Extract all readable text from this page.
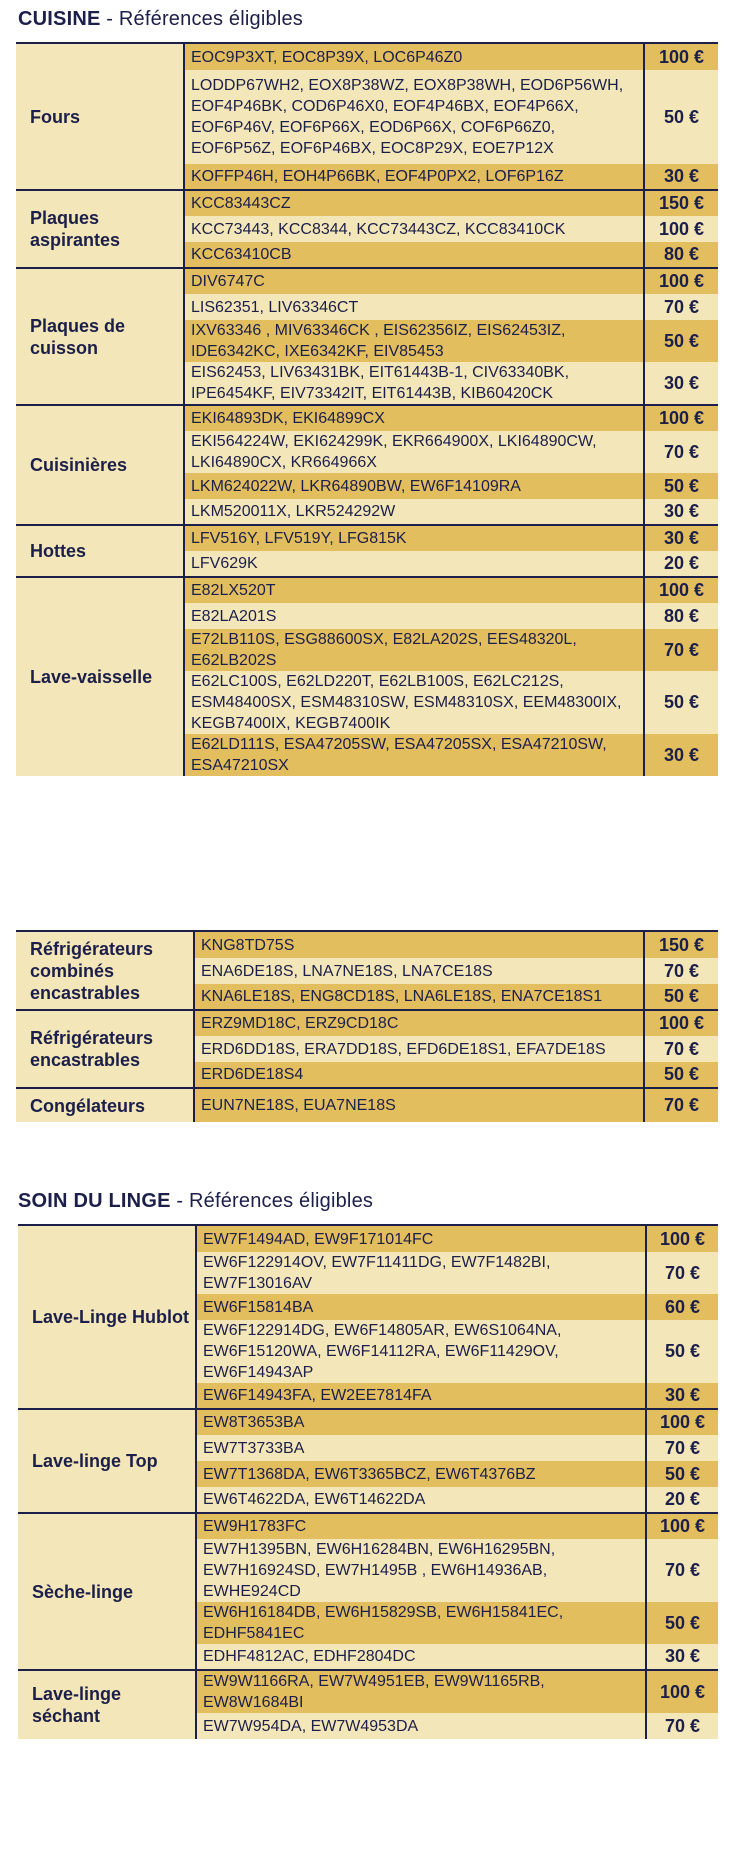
CUISINE - Références éligibles
Fours	EOC9P3XT, EOC8P39X, LOC6P46Z0	100 €
	LODDP67WH2, EOX8P38WZ, EOX8P38WH, EOD6P56WH, EOF4P46BK, COD6P46X0, EOF4P46BX, EOF4P66X, EOF6P46V, EOF6P66X, EOD6P66X, COF6P66Z0, EOF6P56Z, EOF6P46BX, EOC8P29X, EOE7P12X	50 €
	KOFFP46H, EOH4P66BK, EOF4P0PX2, LOF6P16Z	30 €
Plaques aspirantes	KCC83443CZ	150 €
	KCC73443, KCC8344, KCC73443CZ, KCC83410CK	100 €
	KCC63410CB	80 €
Plaques de cuisson	DIV6747C	100 €
	LIS62351, LIV63346CT	70 €
	IXV63346 , MIV63346CK , EIS62356IZ, EIS62453IZ, IDE6342KC, IXE6342KF, EIV85453	50 €
	EIS62453, LIV63431BK, EIT61443B-1, CIV63340BK, IPE6454KF, EIV73342IT, EIT61443B, KIB60420CK	30 €
Cuisinières	EKI64893DK, EKI64899CX	100 €
	EKI564224W, EKI624299K, EKR664900X, LKI64890CW, LKI64890CX, KR664966X	70 €
	LKM624022W, LKR64890BW, EW6F14109RA	50 €
	LKM520011X, LKR524292W	30 €
Hottes	LFV516Y, LFV519Y, LFG815K	30 €
	LFV629K	20 €
Lave-vaisselle	E82LX520T	100 €
	E82LA201S	80 €
	E72LB110S, ESG88600SX, E82LA202S, EES48320L, E62LB202S	70 €
	E62LC100S, E62LD220T, E62LB100S, E62LC212S, ESM48400SX, ESM48310SW, ESM48310SX, EEM48300IX, KEGB7400IX, KEGB7400IK	50 €
	E62LD111S, ESA47205SW, ESA47205SX, ESA47210SW, ESA47210SX	30 €
Réfrigérateurs combinés encastrables	KNG8TD75S	150 €
	ENA6DE18S, LNA7NE18S, LNA7CE18S	70 €
	KNA6LE18S, ENG8CD18S, LNA6LE18S, ENA7CE18S1	50 €
Réfrigérateurs encastrables	ERZ9MD18C, ERZ9CD18C	100 €
	ERD6DD18S, ERA7DD18S, EFD6DE18S1, EFA7DE18S	70 €
	ERD6DE18S4	50 €
Congélateurs	EUN7NE18S, EUA7NE18S	70 €
SOIN DU LINGE - Références éligibles
Lave-Linge Hublot	EW7F1494AD, EW9F171014FC	100 €
	EW6F122914OV, EW7F11411DG, EW7F1482BI, EW7F13016AV	70 €
	EW6F15814BA	60 €
	EW6F122914DG, EW6F14805AR, EW6S1064NA, EW6F15120WA, EW6F14112RA, EW6F11429OV, EW6F14943AP	50 €
	EW6F14943FA, EW2EE7814FA	30 €
Lave-linge Top	EW8T3653BA	100 €
	EW7T3733BA	70 €
	EW7T1368DA, EW6T3365BCZ, EW6T4376BZ	50 €
	EW6T4622DA, EW6T14622DA	20 €
Sèche-linge	EW9H1783FC	100 €
	EW7H1395BN, EW6H16284BN, EW6H16295BN, EW7H16924SD, EW7H1495B , EW6H14936AB, EWHE924CD	70 €
	EW6H16184DB, EW6H15829SB, EW6H15841EC, EDHF5841EC	50 €
	EDHF4812AC, EDHF2804DC	30 €
Lave-linge séchant	EW9W1166RA, EW7W4951EB, EW9W1165RB, EW8W1684BI	100 €
	EW7W954DA, EW7W4953DA	70 €
